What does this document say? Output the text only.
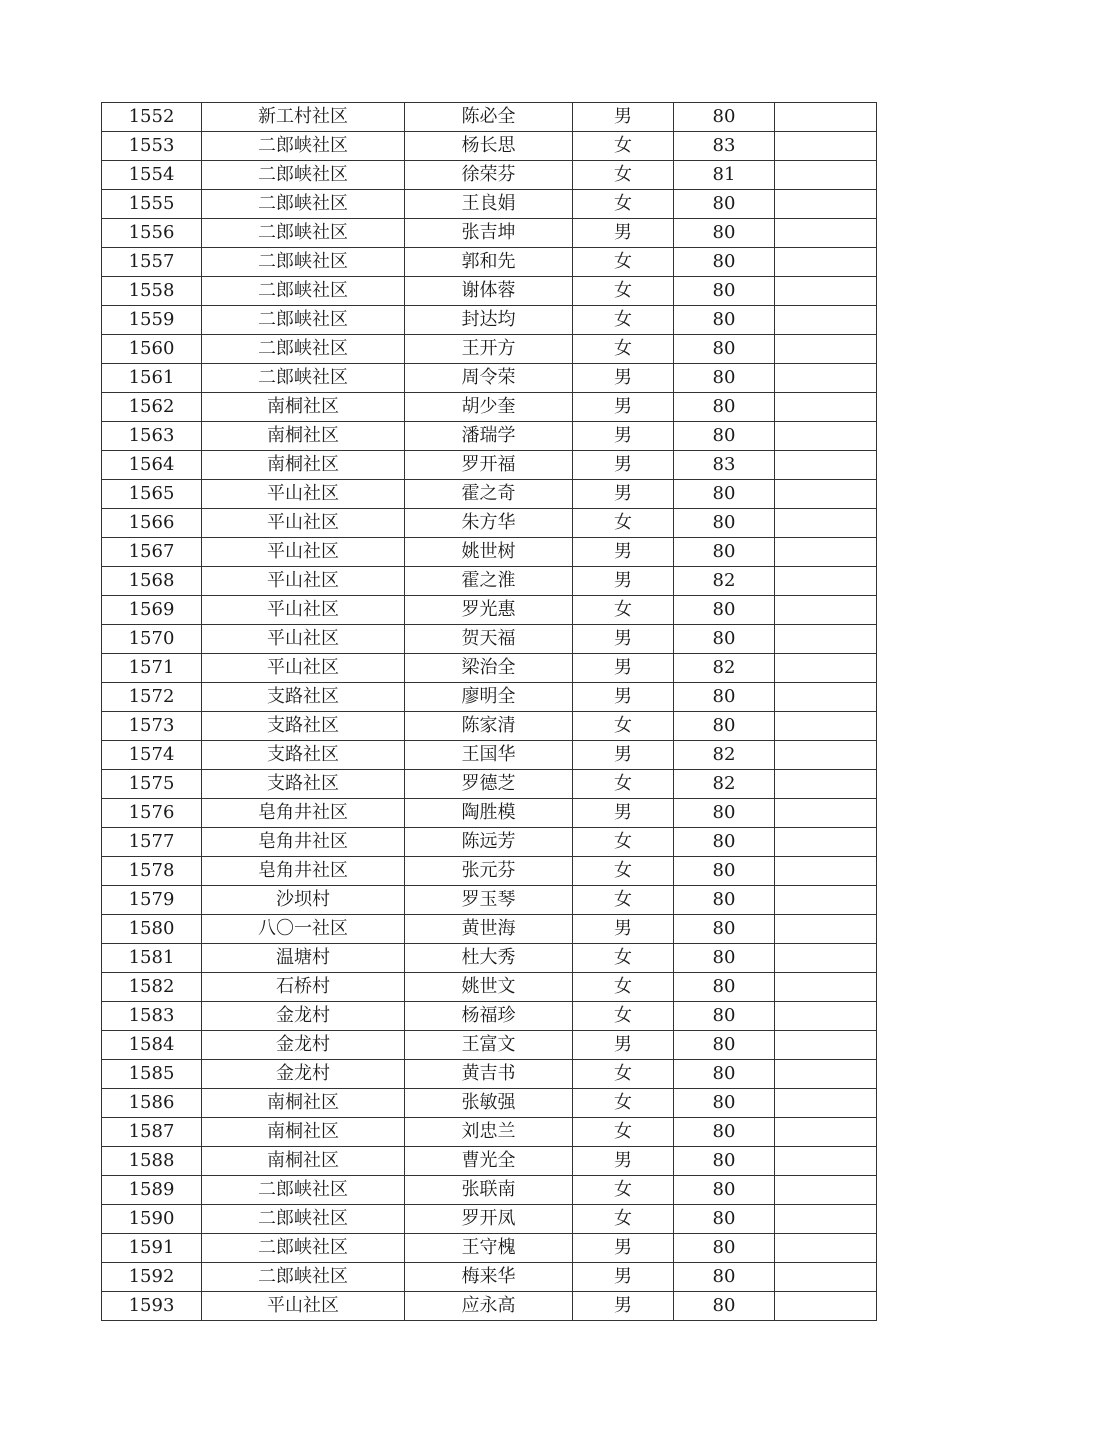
1552	新工村社区	陈必全	男	80	
1553	二郎峡社区	杨长思	女	83	
1554	二郎峡社区	徐荣芬	女	81	
1555	二郎峡社区	王良娟	女	80	
1556	二郎峡社区	张吉坤	男	80	
1557	二郎峡社区	郭和先	女	80	
1558	二郎峡社区	谢体蓉	女	80	
1559	二郎峡社区	封达均	女	80	
1560	二郎峡社区	王开方	女	80	
1561	二郎峡社区	周令荣	男	80	
1562	南桐社区	胡少奎	男	80	
1563	南桐社区	潘瑞学	男	80	
1564	南桐社区	罗开福	男	83	
1565	平山社区	霍之奇	男	80	
1566	平山社区	朱方华	女	80	
1567	平山社区	姚世树	男	80	
1568	平山社区	霍之淮	男	82	
1569	平山社区	罗光惠	女	80	
1570	平山社区	贺天福	男	80	
1571	平山社区	梁治全	男	82	
1572	支路社区	廖明全	男	80	
1573	支路社区	陈家清	女	80	
1574	支路社区	王国华	男	82	
1575	支路社区	罗德芝	女	82	
1576	皂角井社区	陶胜模	男	80	
1577	皂角井社区	陈远芳	女	80	
1578	皂角井社区	张元芬	女	80	
1579	沙坝村	罗玉琴	女	80	
1580	八〇一社区	黄世海	男	80	
1581	温塘村	杜大秀	女	80	
1582	石桥村	姚世文	女	80	
1583	金龙村	杨福珍	女	80	
1584	金龙村	王富文	男	80	
1585	金龙村	黄吉书	女	80	
1586	南桐社区	张敏强	女	80	
1587	南桐社区	刘忠兰	女	80	
1588	南桐社区	曹光全	男	80	
1589	二郎峡社区	张联南	女	80	
1590	二郎峡社区	罗开凤	女	80	
1591	二郎峡社区	王守槐	男	80	
1592	二郎峡社区	梅来华	男	80	
1593	平山社区	应永高	男	80	
